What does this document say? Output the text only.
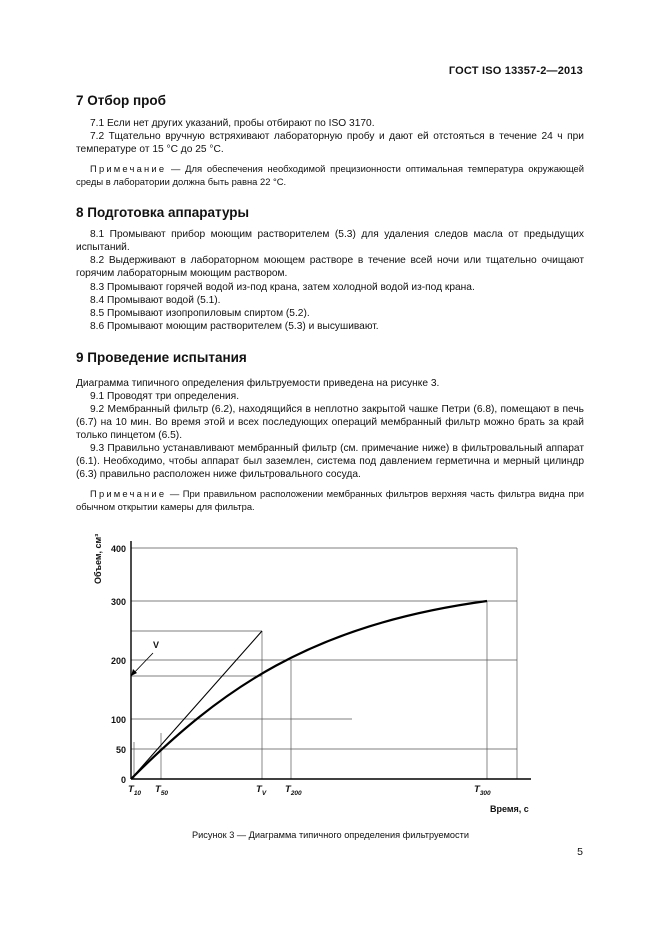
ГОСТ ISO 13357-2—2013
7 Отбор проб
7.1 Если нет других указаний, пробы отбирают по ISO 3170.
7.2 Тщательно вручную встряхивают лабораторную пробу и дают ей отстояться в течение 24 ч при температуре от 15 °C до 25 °C.
Примечание — Для обеспечения необходимой прецизионности оптимальная температура окружающей среды в лаборатории должна быть равна 22 °C.
8 Подготовка аппаратуры
8.1 Промывают прибор моющим растворителем (5.3) для удаления следов масла от предыдущих испытаний.
8.2 Выдерживают в лабораторном моющем растворе в течение всей ночи или тщательно очищают горячим лабораторным моющим раствором.
8.3 Промывают горячей водой из-под крана, затем холодной водой из-под крана.
8.4 Промывают водой (5.1).
8.5 Промывают изопропиловым спиртом (5.2).
8.6 Промывают моющим растворителем (5.3) и высушивают.
9 Проведение испытания
Диаграмма типичного определения фильтруемости приведена на рисунке 3.
9.1 Проводят три определения.
9.2 Мембранный фильтр (6.2), находящийся в неплотно закрытой чашке Петри (6.8), помещают в печь (6.7) на 10 мин. Во время этой и всех последующих операций мембранный фильтр можно брать за край только пинцетом (6.5).
9.3 Правильно устанавливают мембранный фильтр (см. примечание ниже) в фильтровальный аппарат (6.1). Необходимо, чтобы аппарат был заземлен, система под давлением герметична и мерный цилиндр (6.3) правильно расположен ниже фильтровального сосуда.
Примечание — При правильном расположении мембранных фильтров верхняя часть фильтра видна при обычном открытии камеры для фильтра.
V
400
300
200
100
50
0
Объем, см³
$T_{10}$ $T_{50}$	$T_V$ $T_{200}$	$T_{300}$
Время, с
Рисунок 3 — Диаграмма типичного определения фильтруемости
5
